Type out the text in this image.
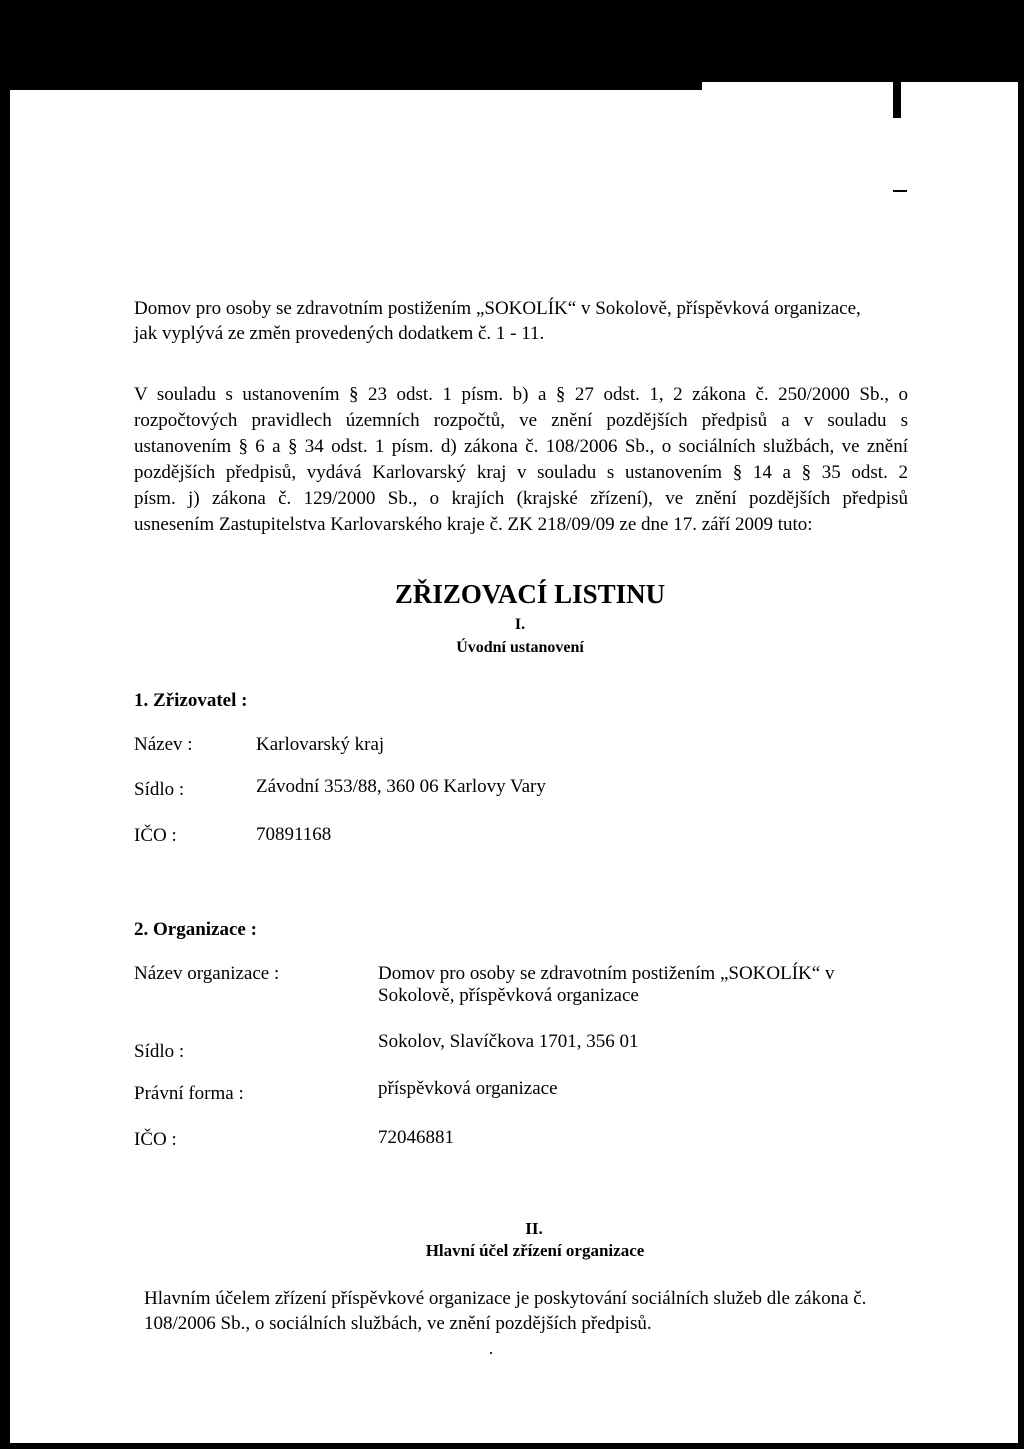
Domov pro osoby se zdravotním postižením „SOKOLÍK“ v Sokolově, příspěvková organizace,
jak vyplývá ze změn provedených dodatkem č. 1 - 11.
V souladu s ustanovením § 23 odst. 1 písm. b) a § 27 odst. 1, 2 zákona č. 250/2000 Sb., o
rozpočtových pravidlech územních rozpočtů, ve znění pozdějších předpisů a v souladu s
ustanovením § 6 a § 34 odst. 1 písm. d) zákona č. 108/2006 Sb., o sociálních službách, ve znění
pozdějších předpisů, vydává Karlovarský kraj v souladu s ustanovením § 14 a § 35 odst. 2
písm. j) zákona č. 129/2000 Sb., o krajích (krajské zřízení), ve znění pozdějších předpisů
usnesením Zastupitelstva Karlovarského kraje č. ZK 218/09/09 ze dne 17. září 2009 tuto:
ZŘIZOVACÍ LISTINU
I.
Úvodní ustanovení
1. Zřizovatel :
Název :	Karlovarský kraj
Sídlo :	Závodní 353/88, 360 06 Karlovy Vary
IČO :	70891168
2. Organizace :
Název organizace :	Domov pro osoby se zdravotním postižením „SOKOLÍK“ v
Sokolově, příspěvková organizace
Sídlo :	Sokolov, Slavíčkova 1701, 356 01
Právní forma :	příspěvková organizace
IČO :	72046881
II.
Hlavní účel zřízení organizace
Hlavním účelem zřízení příspěvkové organizace je poskytování sociálních služeb dle zákona č.
108/2006 Sb., o sociálních službách, ve znění pozdějších předpisů.
